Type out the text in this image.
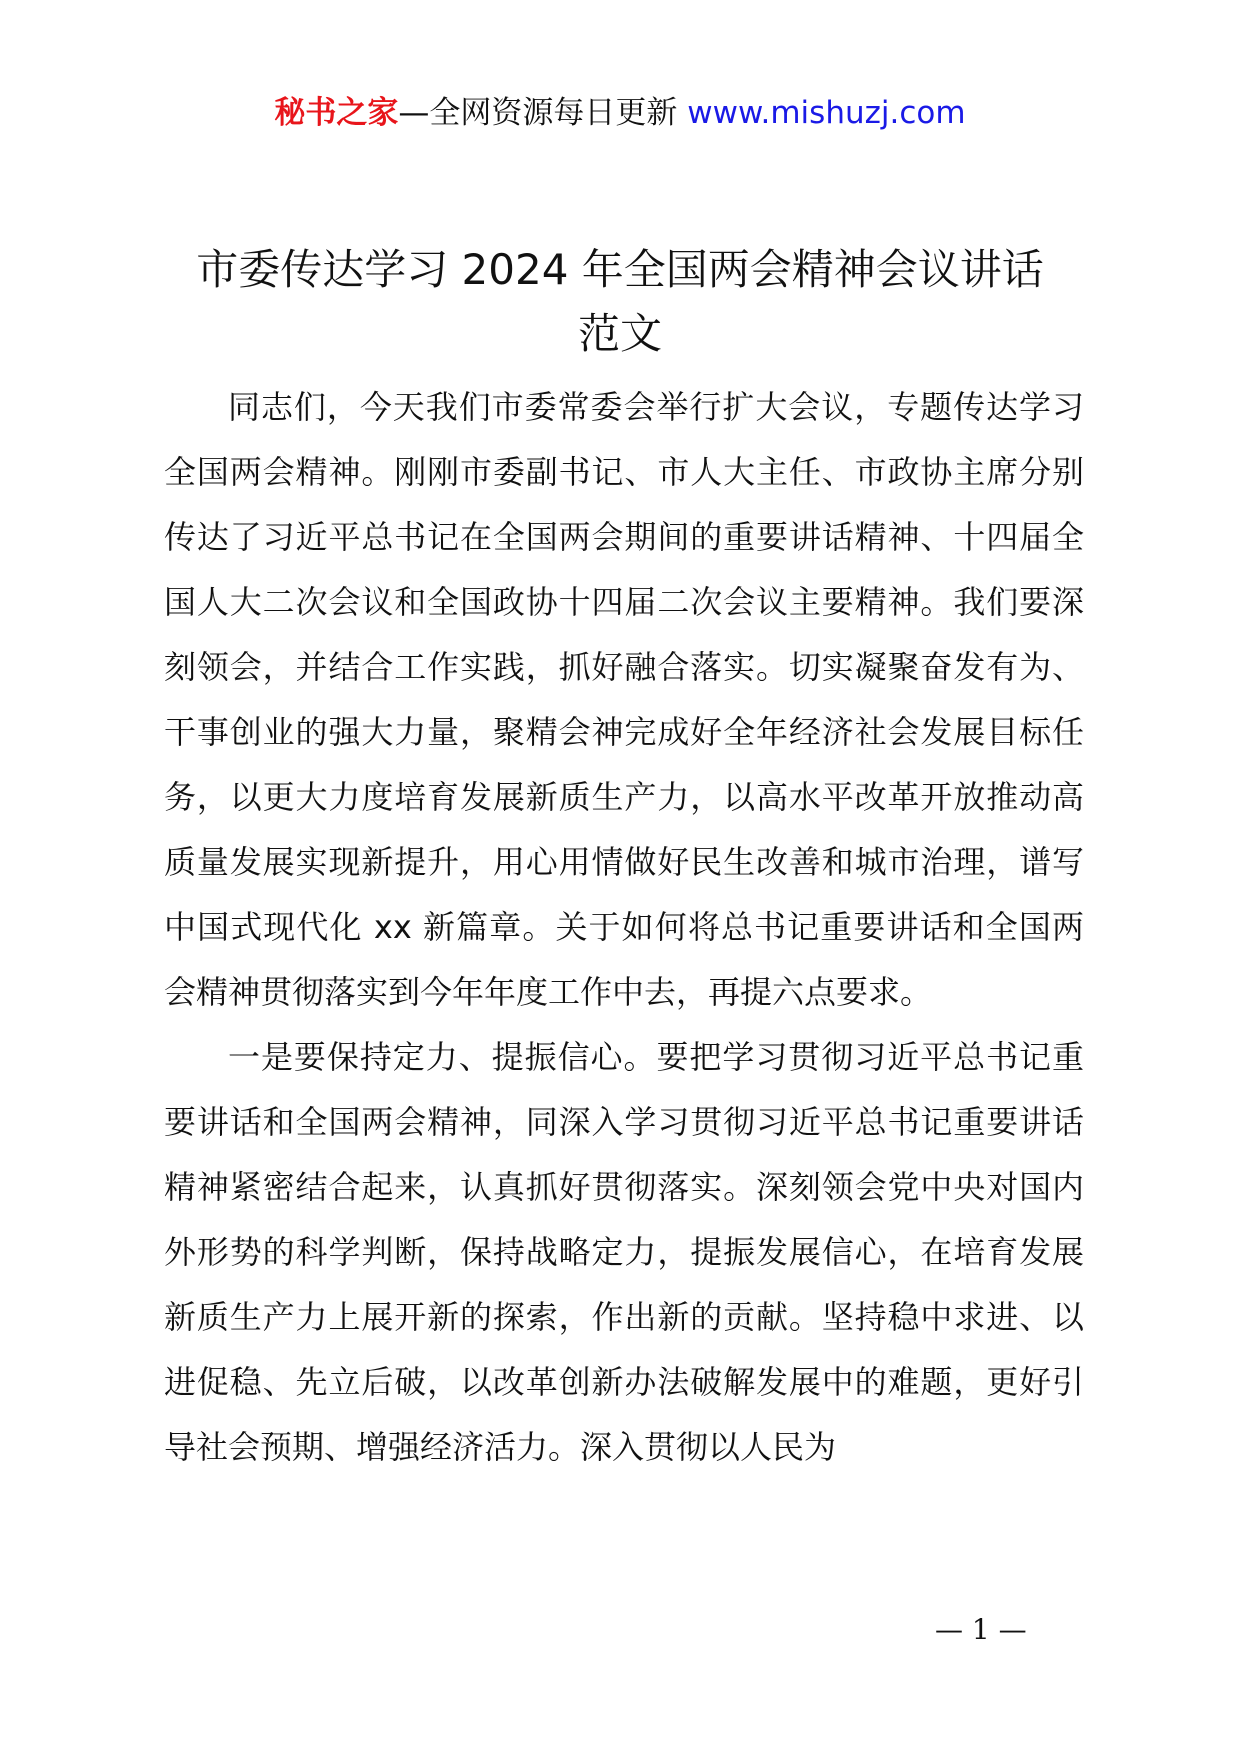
秘书之家—全网资源每日更新 www.mishuzj.com
市委传达学习 2024 年全国两会精神会议讲话
范文

同志们，今天我们市委常委会举行扩大会议，专题传达学习全国两会精神。刚刚市委副书记、市人大主任、市政协主席分别传达了习近平总书记在全国两会期间的重要讲话精神、十四届全国人大二次会议和全国政协十四届二次会议主要精神。我们要深刻领会，并结合工作实践，抓好融合落实。切实凝聚奋发有为、干事创业的强大力量，聚精会神完成好全年经济社会发展目标任务，以更大力度培育发展新质生产力，以高水平改革开放推动高质量发展实现新提升，用心用情做好民生改善和城市治理，谱写中国式现代化 xx 新篇章。关于如何将总书记重要讲话和全国两会精神贯彻落实到今年年度工作中去，再提六点要求。

一是要保持定力、提振信心。要把学习贯彻习近平总书记重要讲话和全国两会精神，同深入学习贯彻习近平总书记重要讲话精神紧密结合起来，认真抓好贯彻落实。深刻领会党中央对国内外形势的科学判断，保持战略定力，提振发展信心，在培育发展新质生产力上展开新的探索，作出新的贡献。坚持稳中求进、以进促稳、先立后破，以改革创新办法破解发展中的难题，更好引导社会预期、增强经济活力。深入贯彻以人民为

— 1 —
